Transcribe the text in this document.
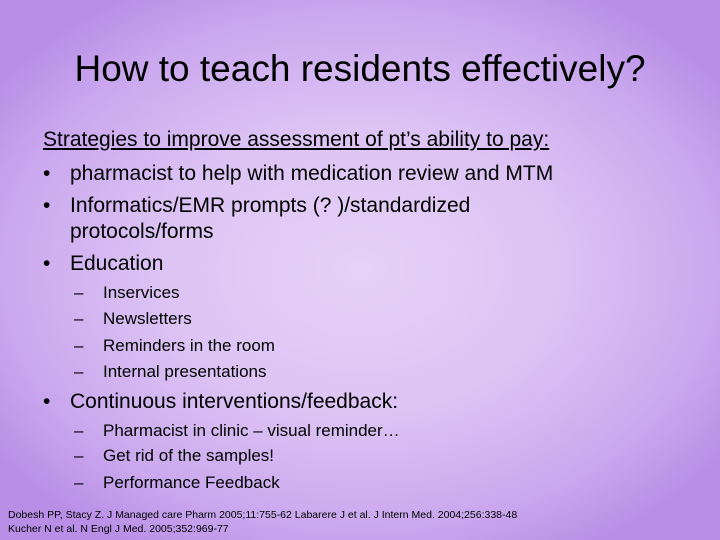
How to teach residents effectively?
Strategies to improve assessment of pt’s ability to pay:
• pharmacist to help with medication review and MTM
• Informatics/EMR prompts (? )/standardized protocols/forms
• Education
– Inservices
– Newsletters
– Reminders in the room
– Internal presentations
• Continuous interventions/feedback:
– Pharmacist in clinic – visual reminder…
– Get rid of the samples!
– Performance Feedback
Dobesh PP, Stacy Z. J Managed care Pharm 2005;11:755-62 Labarere J et al. J Intern Med. 2004;256:338-48
Kucher N et al. N Engl J Med. 2005;352:969-77
